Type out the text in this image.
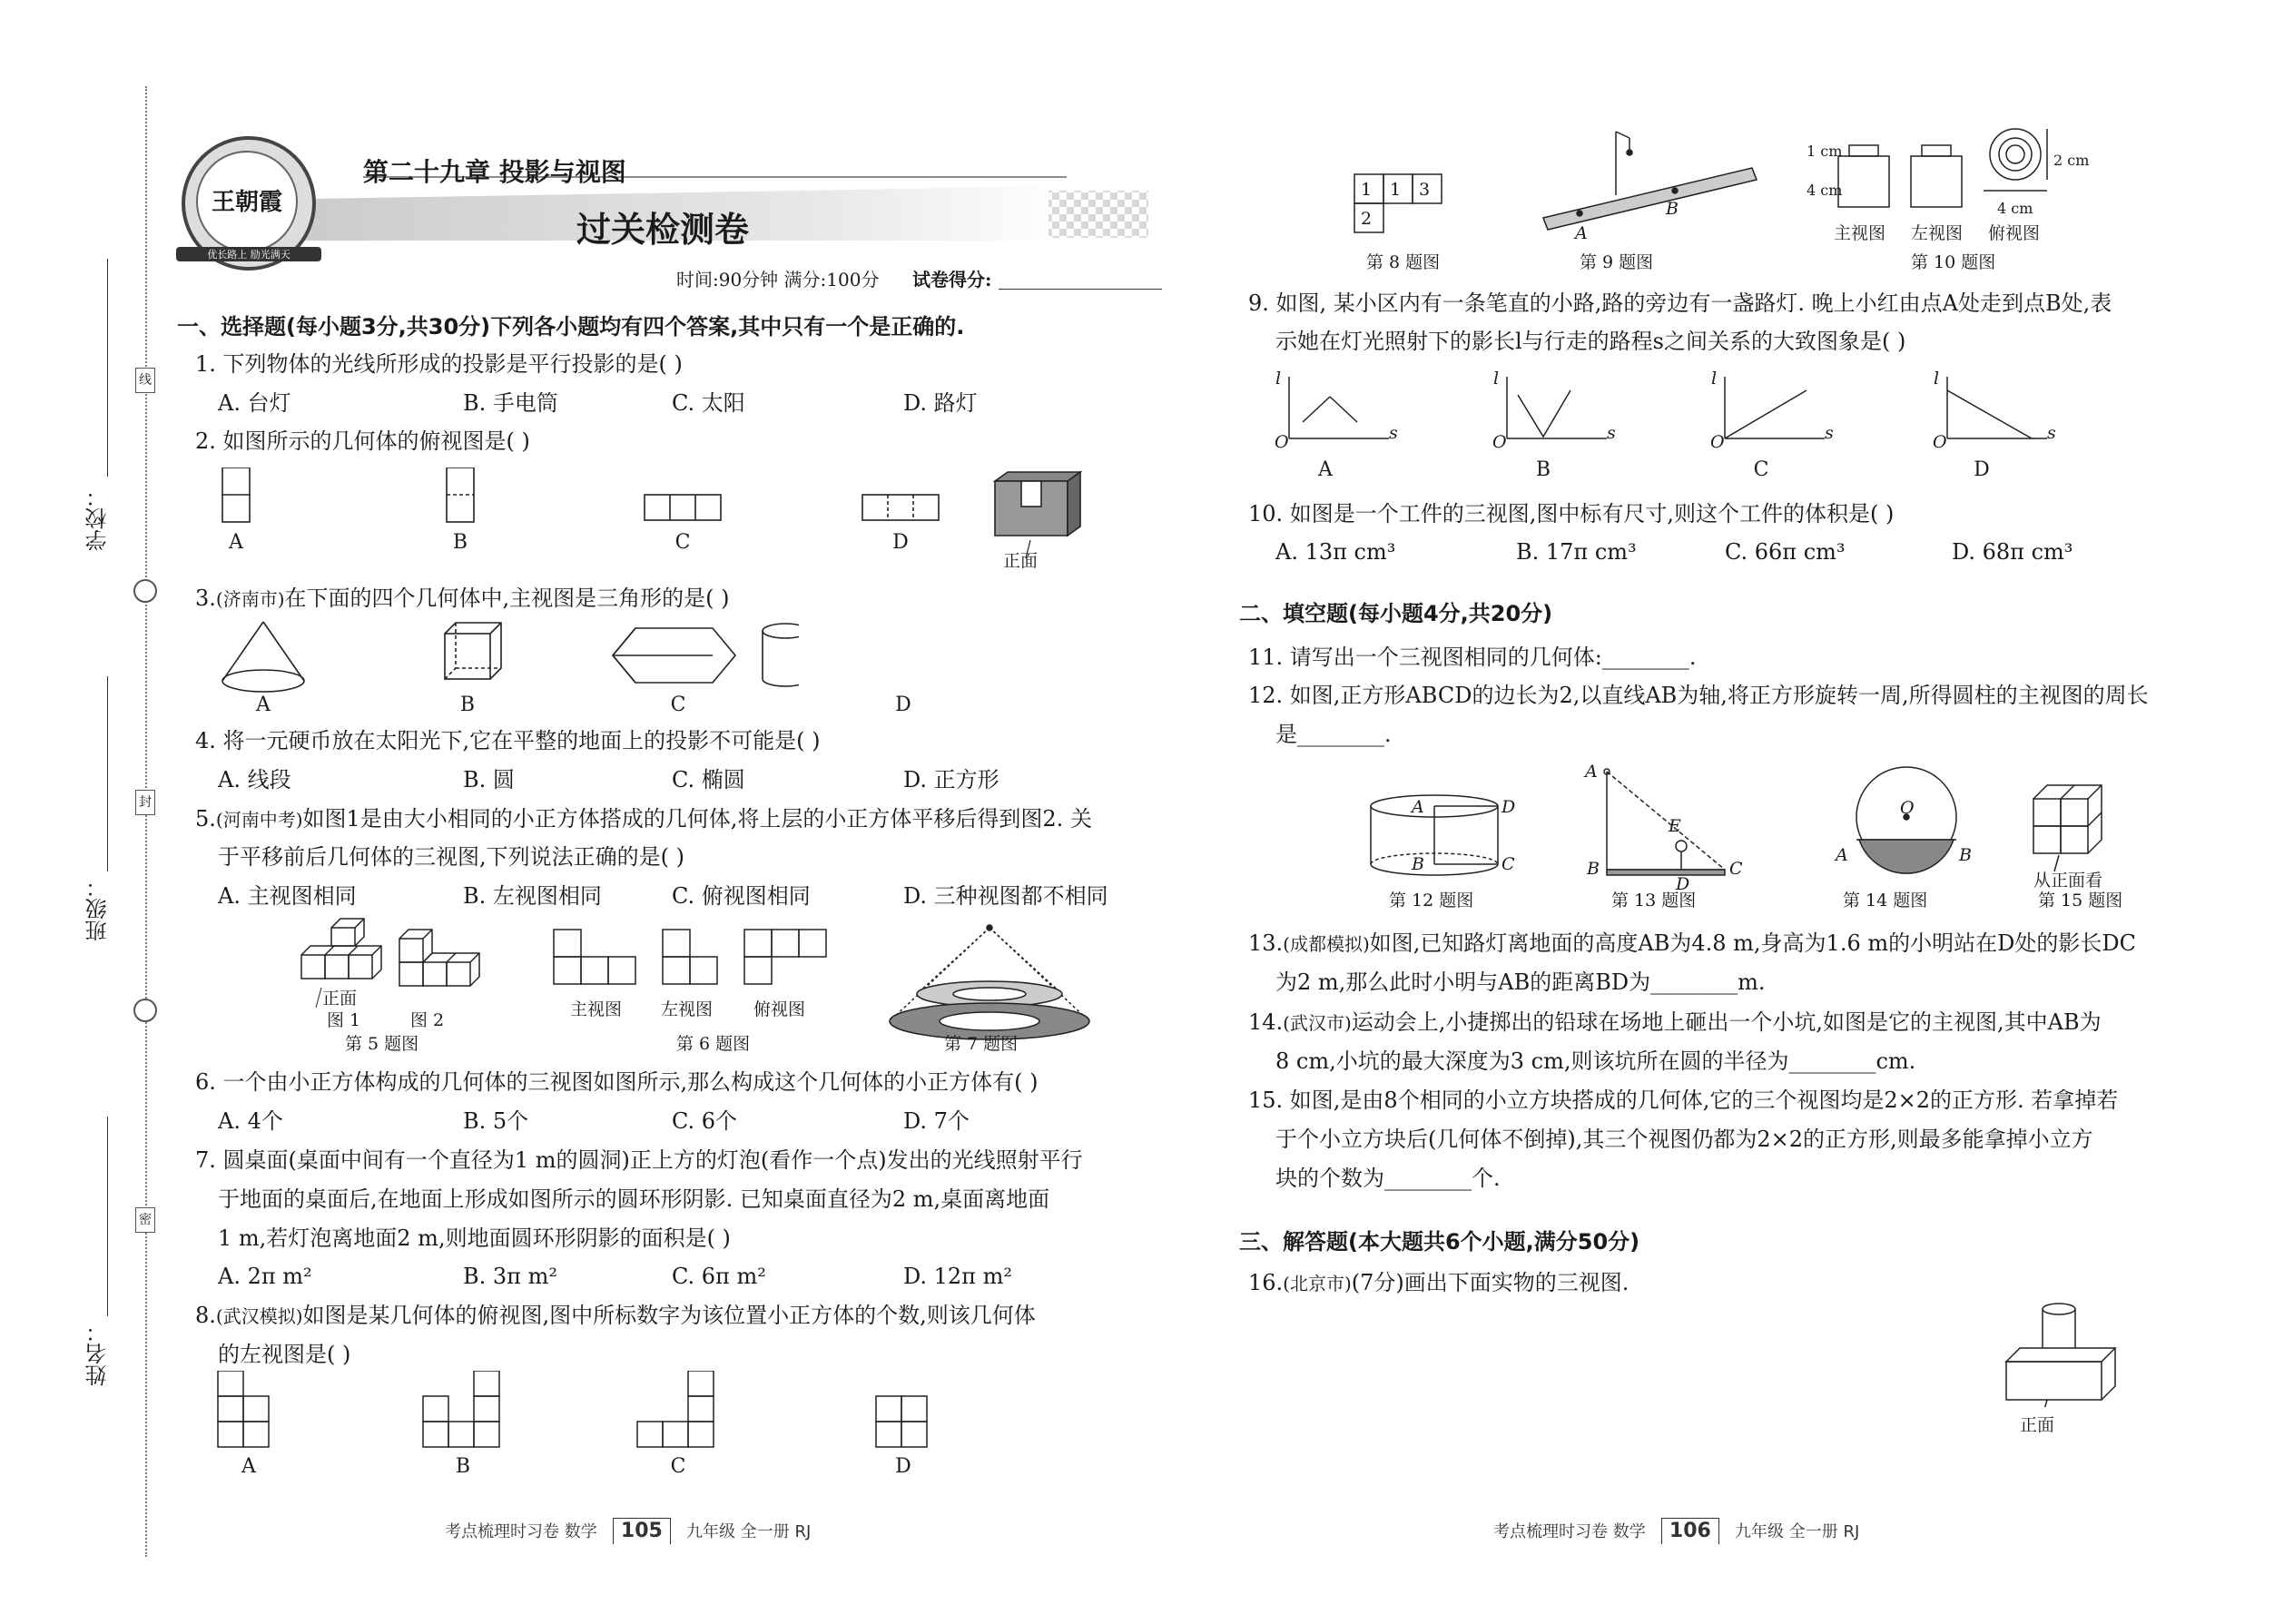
学校：
班级：
姓名：
线
封
密
王朝霞
优长路上 励光满天
第二十九章 投影与视图
过关检测卷
时间:90分钟 满分:100分 试卷得分:
一、选择题(每小题3分,共30分)下列各小题均有四个答案,其中只有一个是正确的.
1. 下列物体的光线所形成的投影是平行投影的是( )
A. 台灯	B. 手电筒	C. 太阳	D. 路灯
2. 如图所示的几何体的俯视图是( )
A	B	C	D
正面
3.(济南市)在下面的四个几何体中,主视图是三角形的是( )
A	B	C	D
4. 将一元硬币放在太阳光下,它在平整的地面上的投影不可能是( )
A. 线段	B. 圆	C. 椭圆	D. 正方形
5.(河南中考)如图1是由大小相同的小正方体搭成的几何体,将上层的小正方体平移后得到图2. 关
于平移前后几何体的三视图,下列说法正确的是( )
A. 主视图相同	B. 左视图相同	C. 俯视图相同	D. 三种视图都不相同
正面
图 1	图 2
第 5 题图
主视图 左视图 俯视图
第 6 题图	第 7 题图
6. 一个由小正方体构成的几何体的三视图如图所示,那么构成这个几何体的小正方体有( )
A. 4个	B. 5个	C. 6个	D. 7个
7. 圆桌面(桌面中间有一个直径为1 m的圆洞)正上方的灯泡(看作一个点)发出的光线照射平行
于地面的桌面后,在地面上形成如图所示的圆环形阴影. 已知桌面直径为2 m,桌面离地面
1 m,若灯泡离地面2 m,则地面圆环形阴影的面积是( )
A. 2π m²	B. 3π m²	C. 6π m²	D. 12π m²
8.(武汉模拟)如图是某几何体的俯视图,图中所标数字为该位置小正方体的个数,则该几何体
的左视图是( )
A	B	C	D
考点梳理时习卷 数学 105 九年级 全一册 RJ
1 1 3
2
第 8 题图
A
B
第 9 题图
1 cm
4 cm
2 cm
4 cm
主视图 左视图 俯视图
第 10 题图
9. 如图, 某小区内有一条笔直的小路,路的旁边有一盏路灯. 晚上小红由点A处走到点B处,表
示她在灯光照射下的影长l与行走的路程s之间关系的大致图象是( )
A	B	C	D
10. 如图是一个工件的三视图,图中标有尺寸,则这个工件的体积是( )
A. 13π cm³	B. 17π cm³	C. 66π cm³	D. 68π cm³
二、填空题(每小题4分,共20分)
11. 请写出一个三视图相同的几何体:________.
12. 如图,正方形ABCD的边长为2,以直线AB为轴,将正方形旋转一周,所得圆柱的主视图的周长
是________.
A	D
B	C
第 12 题图
A
E
B
D
C
第 13 题图
O
A	B
第 14 题图
从正面看
第 15 题图
13.(成都模拟)如图,已知路灯离地面的高度AB为4.8 m,身高为1.6 m的小明站在D处的影长DC
为2 m,那么此时小明与AB的距离BD为________m.
14.(武汉市)运动会上,小捷掷出的铅球在场地上砸出一个小坑,如图是它的主视图,其中AB为
8 cm,小坑的最大深度为3 cm,则该坑所在圆的半径为________cm.
15. 如图,是由8个相同的小立方块搭成的几何体,它的三个视图均是2×2的正方形. 若拿掉若
于个小立方块后(几何体不倒掉),其三个视图仍都为2×2的正方形,则最多能拿掉小立方
块的个数为________个.
三、解答题(本大题共6个小题,满分50分)
16.(北京市)(7分)画出下面实物的三视图.
正面
考点梳理时习卷 数学 106 九年级 全一册 RJ
l
O	s
l
O	s
l
O	s
l
O	s
